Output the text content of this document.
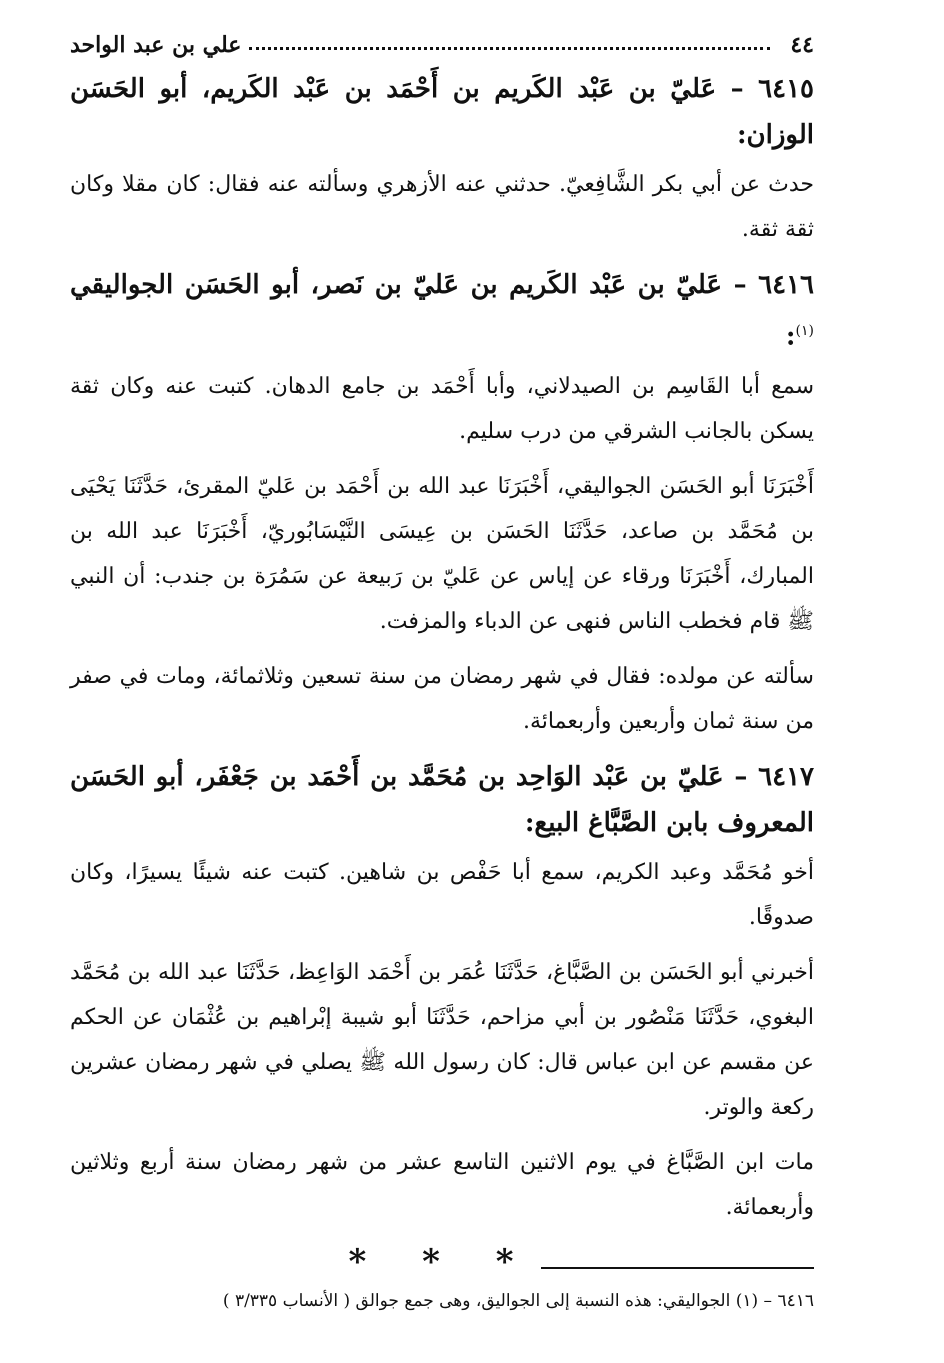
٤٤
علي بن عبد الواحد

٦٤١٥ – عَليّ بن عَبْد الكَريم بن أَحْمَد بن عَبْد الكَريم، أبو الحَسَن الوزان:

حدث عن أبي بكر الشَّافِعيّ. حدثني عنه الأزهري وسألته عنه فقال: كان مقلا وكان ثقة ثقة.

٦٤١٦ – عَليّ بن عَبْد الكَريم بن عَليّ بن نَصر، أبو الحَسَن الجواليقي $^{(١)}$:

سمع أبا القَاسِم بن الصيدلاني، وأبا أَحْمَد بن جامع الدهان. كتبت عنه وكان ثقة يسكن بالجانب الشرقي من درب سليم.

أَخْبَرَنَا أبو الحَسَن الجواليقي، أَخْبَرَنَا عبد الله بن أَحْمَد بن عَليّ المقرئ، حَدَّثَنَا يَحْيَى بن مُحَمَّد بن صاعد، حَدَّثَنَا الحَسَن بن عِيسَى النَّيْسَابُوريّ، أَخْبَرَنَا عبد الله بن المبارك، أَخْبَرَنَا ورقاء عن إياس عن عَليّ بن رَبيعة عن سَمُرَة بن جندب: أن النبي ﷺ قام فخطب الناس فنهى عن الدباء والمزفت.

سألته عن مولده: فقال في شهر رمضان من سنة تسعين وثلاثمائة، ومات في صفر من سنة ثمان وأربعين وأربعمائة.

٦٤١٧ – عَليّ بن عَبْد الوَاحِد بن مُحَمَّد بن أَحْمَد بن جَعْفَر، أبو الحَسَن المعروف بابن الصَّبَّاغ البيع:

أخو مُحَمَّد وعبد الكريم، سمع أبا حَفْص بن شاهين. كتبت عنه شيئًا يسيرًا، وكان صدوقًا.

أخبرني أبو الحَسَن بن الصَّبَّاغ، حَدَّثَنَا عُمَر بن أَحْمَد الوَاعِظ، حَدَّثَنَا عبد الله بن مُحَمَّد البغوي، حَدَّثَنَا مَنْصُور بن أبي مزاحم، حَدَّثَنَا أبو شيبة إبْراهيم بن عُثْمَان عن الحكم عن مقسم عن ابن عباس قال: كان رسول الله ﷺ يصلي في شهر رمضان عشرين ركعة والوتر.

مات ابن الصَّبَّاغ في يوم الاثنين التاسع عشر من شهر رمضان سنة أربع وثلاثين وأربعمائة.

* * *
٦٤١٦ – (١) الجواليقي: هذه النسبة إلى الجواليق، وهى جمع جوالق ( الأنساب ٣/٣٣٥ )
